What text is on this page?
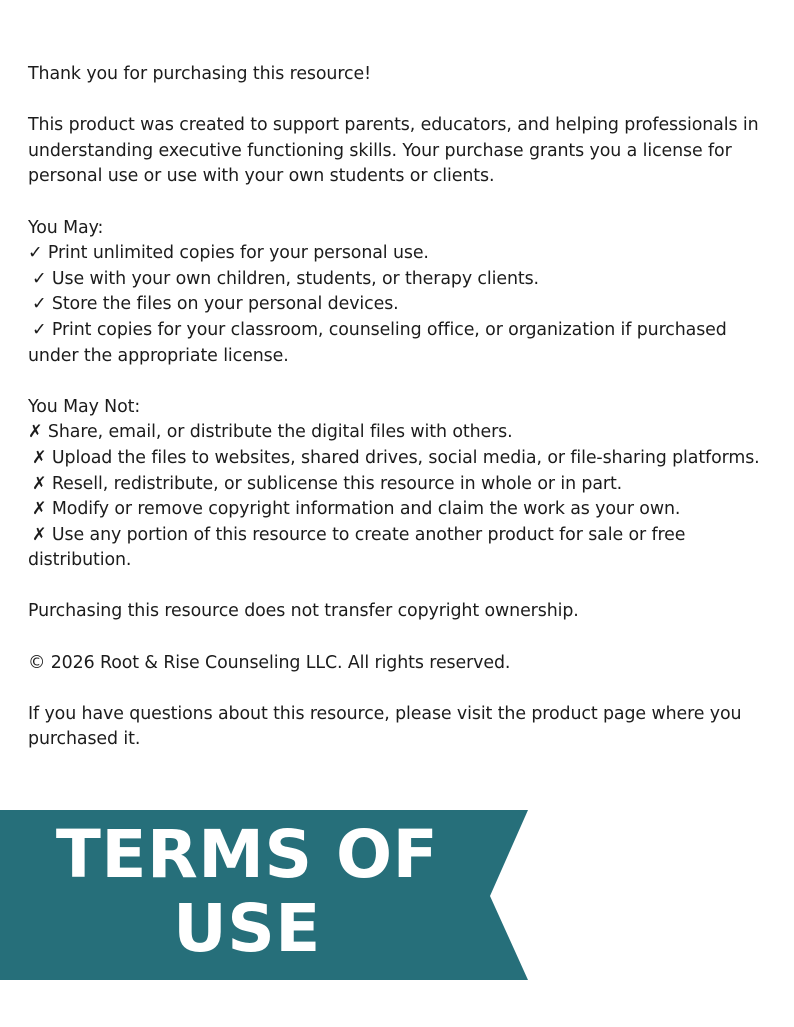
Thank you for purchasing this resource!

This product was created to support parents, educators, and helping professionals in
understanding executive functioning skills. Your purchase grants you a license for
personal use or use with your own students or clients.

You May:
✓ Print unlimited copies for your personal use.
✓ Use with your own children, students, or therapy clients.
✓ Store the files on your personal devices.
✓ Print copies for your classroom, counseling office, or organization if purchased
under the appropriate license.

You May Not:
✗ Share, email, or distribute the digital files with others.
✗ Upload the files to websites, shared drives, social media, or file-sharing platforms.
✗ Resell, redistribute, or sublicense this resource in whole or in part.
✗ Modify or remove copyright information and claim the work as your own.
✗ Use any portion of this resource to create another product for sale or free
distribution.

Purchasing this resource does not transfer copyright ownership.

© 2026 Root & Rise Counseling LLC. All rights reserved.

If you have questions about this resource, please visit the product page where you
purchased it.

TERMS OF
USE
